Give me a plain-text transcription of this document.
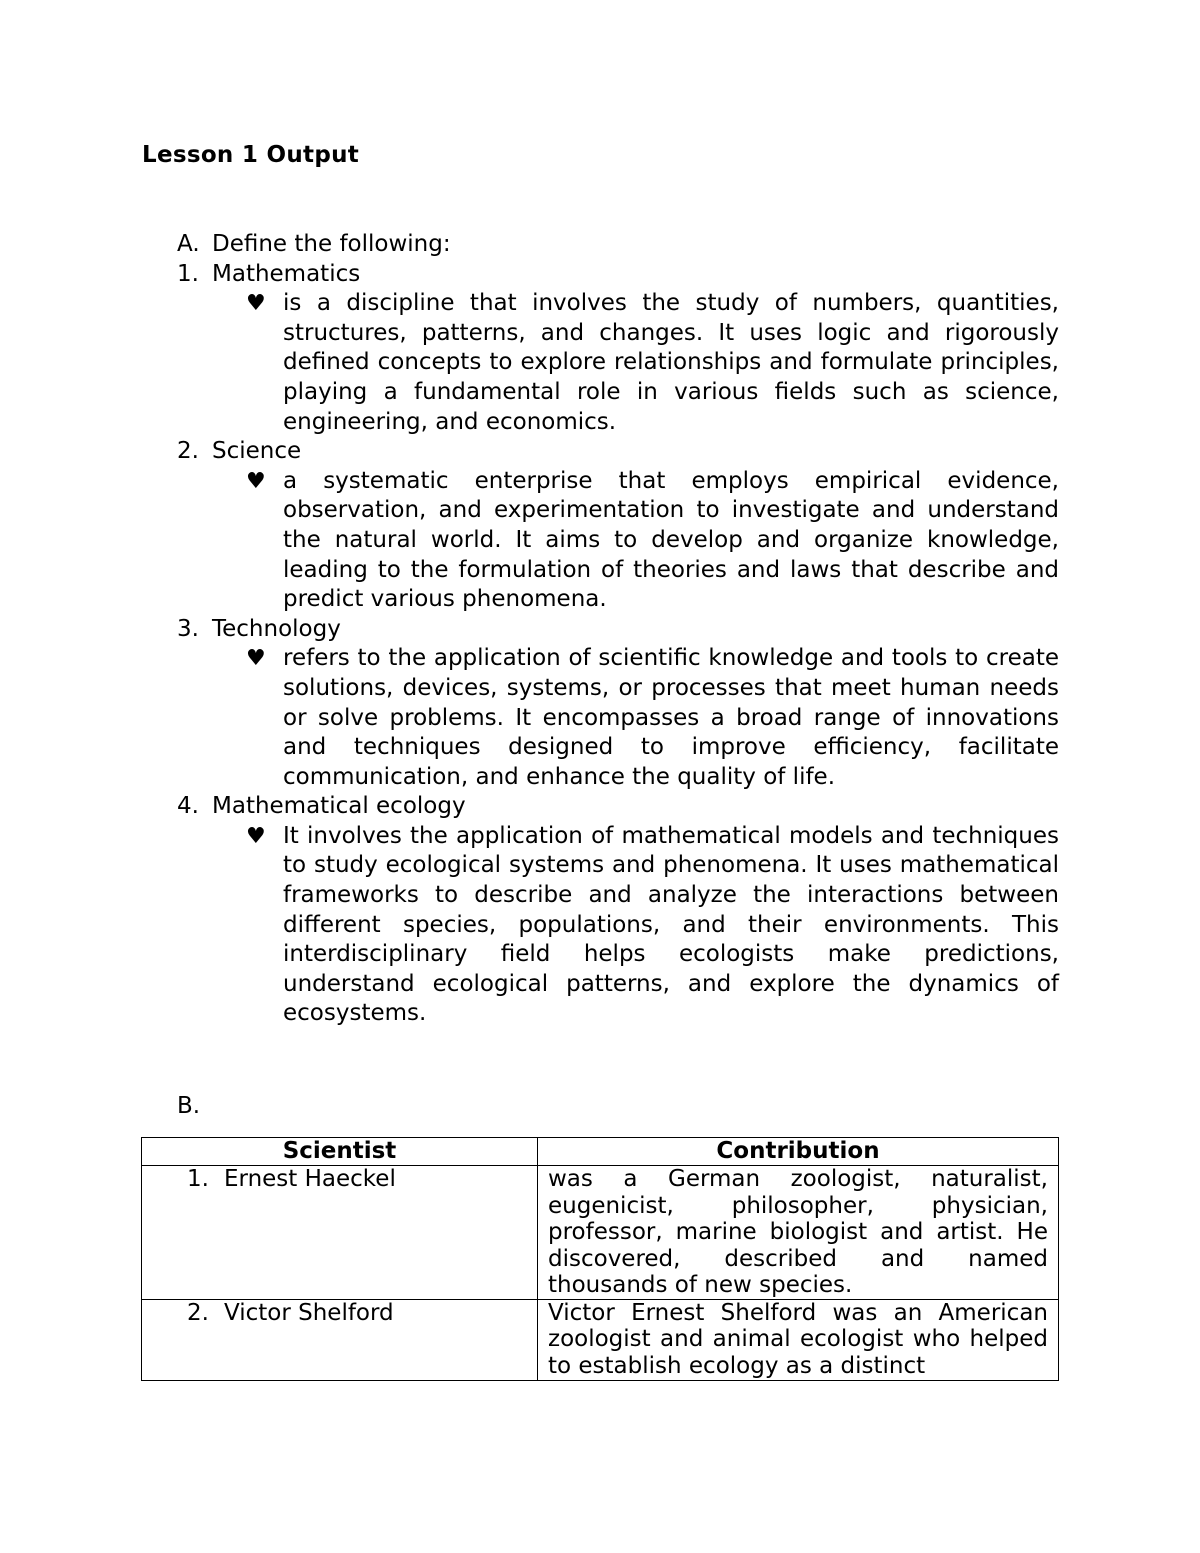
Lesson 1 Output
A. Define the following:
1. Mathematics
♥ is a discipline that involves the study of numbers, quantities, structures, patterns, and changes. It uses logic and rigorously defined concepts to explore relationships and formulate principles, playing a fundamental role in various fields such as science, engineering, and economics.
2. Science
♥ a systematic enterprise that employs empirical evidence, observation, and experimentation to investigate and understand the natural world. It aims to develop and organize knowledge, leading to the formulation of theories and laws that describe and predict various phenomena.
3. Technology
♥ refers to the application of scientific knowledge and tools to create solutions, devices, systems, or processes that meet human needs or solve problems. It encompasses a broad range of innovations and techniques designed to improve efficiency, facilitate communication, and enhance the quality of life.
4. Mathematical ecology
♥ It involves the application of mathematical models and techniques to study ecological systems and phenomena. It uses mathematical frameworks to describe and analyze the interactions between different species, populations, and their environments. This interdisciplinary field helps ecologists make predictions, understand ecological patterns, and explore the dynamics of ecosystems.
B.
Scientist	Contribution

1. Ernest Haeckel	was a German zoologist, naturalist, eugenicist, philosopher, physician, professor, marine biologist and artist. He discovered, described and named thousands of new species.

2. Victor Shelford	Victor Ernest Shelford was an American zoologist and animal ecologist who helped to establish ecology as a distinct
